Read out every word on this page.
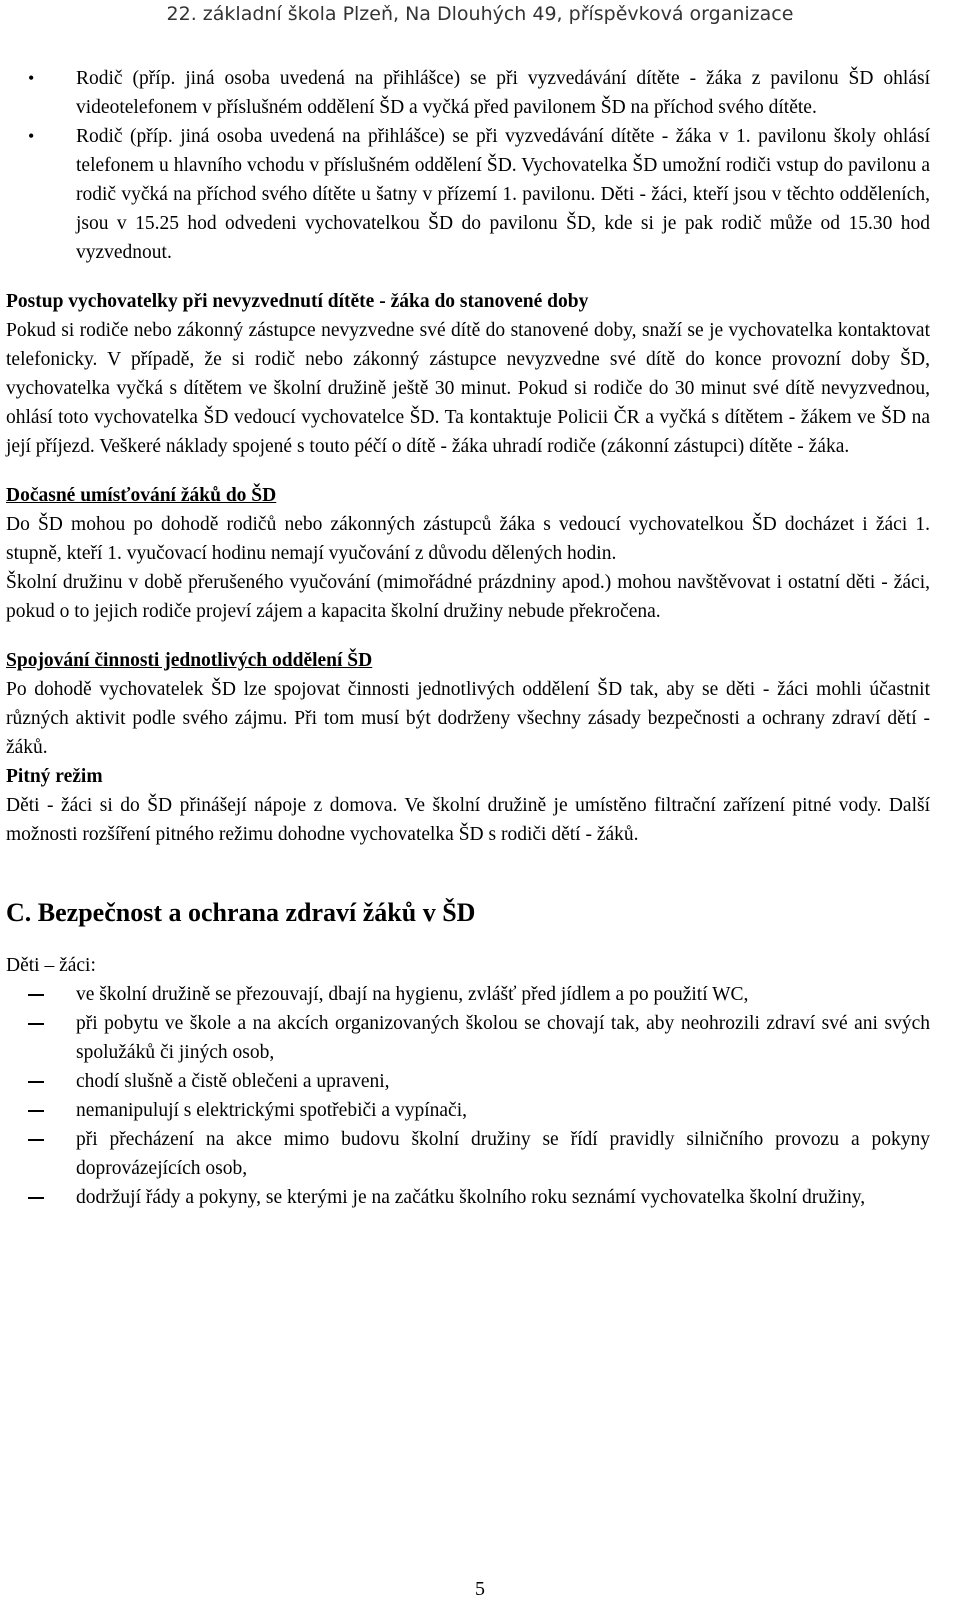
22. základní škola Plzeň, Na Dlouhých 49, příspěvková organizace
• Rodič (příp. jiná osoba uvedená na přihlášce) se při vyzvedávání dítěte - žáka z pavilonu ŠD ohlásí videotelefonem v příslušném oddělení ŠD a vyčká před pavilonem ŠD na příchod svého dítěte.
• Rodič (příp. jiná osoba uvedená na přihlášce) se při vyzvedávání dítěte - žáka v 1. pavilonu školy ohlásí telefonem u hlavního vchodu v příslušném oddělení ŠD. Vychovatelka ŠD umožní rodiči vstup do pavilonu a rodič vyčká na příchod svého dítěte u šatny v přízemí 1. pavilonu. Děti - žáci, kteří jsou v těchto odděleních, jsou v 15.25 hod odvedeni vychovatelkou ŠD do pavilonu ŠD, kde si je pak rodič může od 15.30 hod vyzvednout.

Postup vychovatelky při nevyzvednutí dítěte - žáka do stanovené doby

Pokud si rodiče nebo zákonný zástupce nevyzvedne své dítě do stanovené doby, snaží se je vychovatelka kontaktovat telefonicky. V případě, že si rodič nebo zákonný zástupce nevyzvedne své dítě do konce provozní doby ŠD, vychovatelka vyčká s dítětem ve školní družině ještě 30 minut. Pokud si rodiče do 30 minut své dítě nevyzvednou, ohlásí toto vychovatelka ŠD vedoucí vychovatelce ŠD. Ta kontaktuje Policii ČR a vyčká s dítětem - žákem ve ŠD na její příjezd. Veškeré náklady spojené s touto péčí o dítě - žáka uhradí rodiče (zákonní zástupci) dítěte - žáka.

Dočasné umísťování žáků do ŠD

Do ŠD mohou po dohodě rodičů nebo zákonných zástupců žáka s vedoucí vychovatelkou ŠD docházet i žáci 1. stupně, kteří 1. vyučovací hodinu nemají vyučování z důvodu dělených hodin.

Školní družinu v době přerušeného vyučování (mimořádné prázdniny apod.) mohou navštěvovat i ostatní děti - žáci, pokud o to jejich rodiče projeví zájem a kapacita školní družiny nebude překročena.

Spojování činnosti jednotlivých oddělení ŠD

Po dohodě vychovatelek ŠD lze spojovat činnosti jednotlivých oddělení ŠD tak, aby se děti - žáci mohli účastnit různých aktivit podle svého zájmu. Při tom musí být dodrženy všechny zásady bezpečnosti a ochrany zdraví dětí - žáků.

Pitný režim

Děti - žáci si do ŠD přinášejí nápoje z domova. Ve školní družině je umístěno filtrační zařízení pitné vody. Další možnosti rozšíření pitného režimu dohodne vychovatelka ŠD s rodiči dětí - žáků.

C. Bezpečnost a ochrana zdraví žáků v ŠD

Děti – žáci:

ve školní družině se přezouvají, dbají na hygienu, zvlášť před jídlem a po použití WC,
při pobytu ve škole a na akcích organizovaných školou se chovají tak, aby neohrozili zdraví své ani svých spolužáků či jiných osob,
chodí slušně a čistě oblečeni a upraveni,
nemanipulují s elektrickými spotřebiči a vypínači,
při přecházení na akce mimo budovu školní družiny se řídí pravidly silničního provozu a pokyny doprovázejících osob,
dodržují řády a pokyny, se kterými je na začátku školního roku seznámí vychovatelka školní družiny,
5
